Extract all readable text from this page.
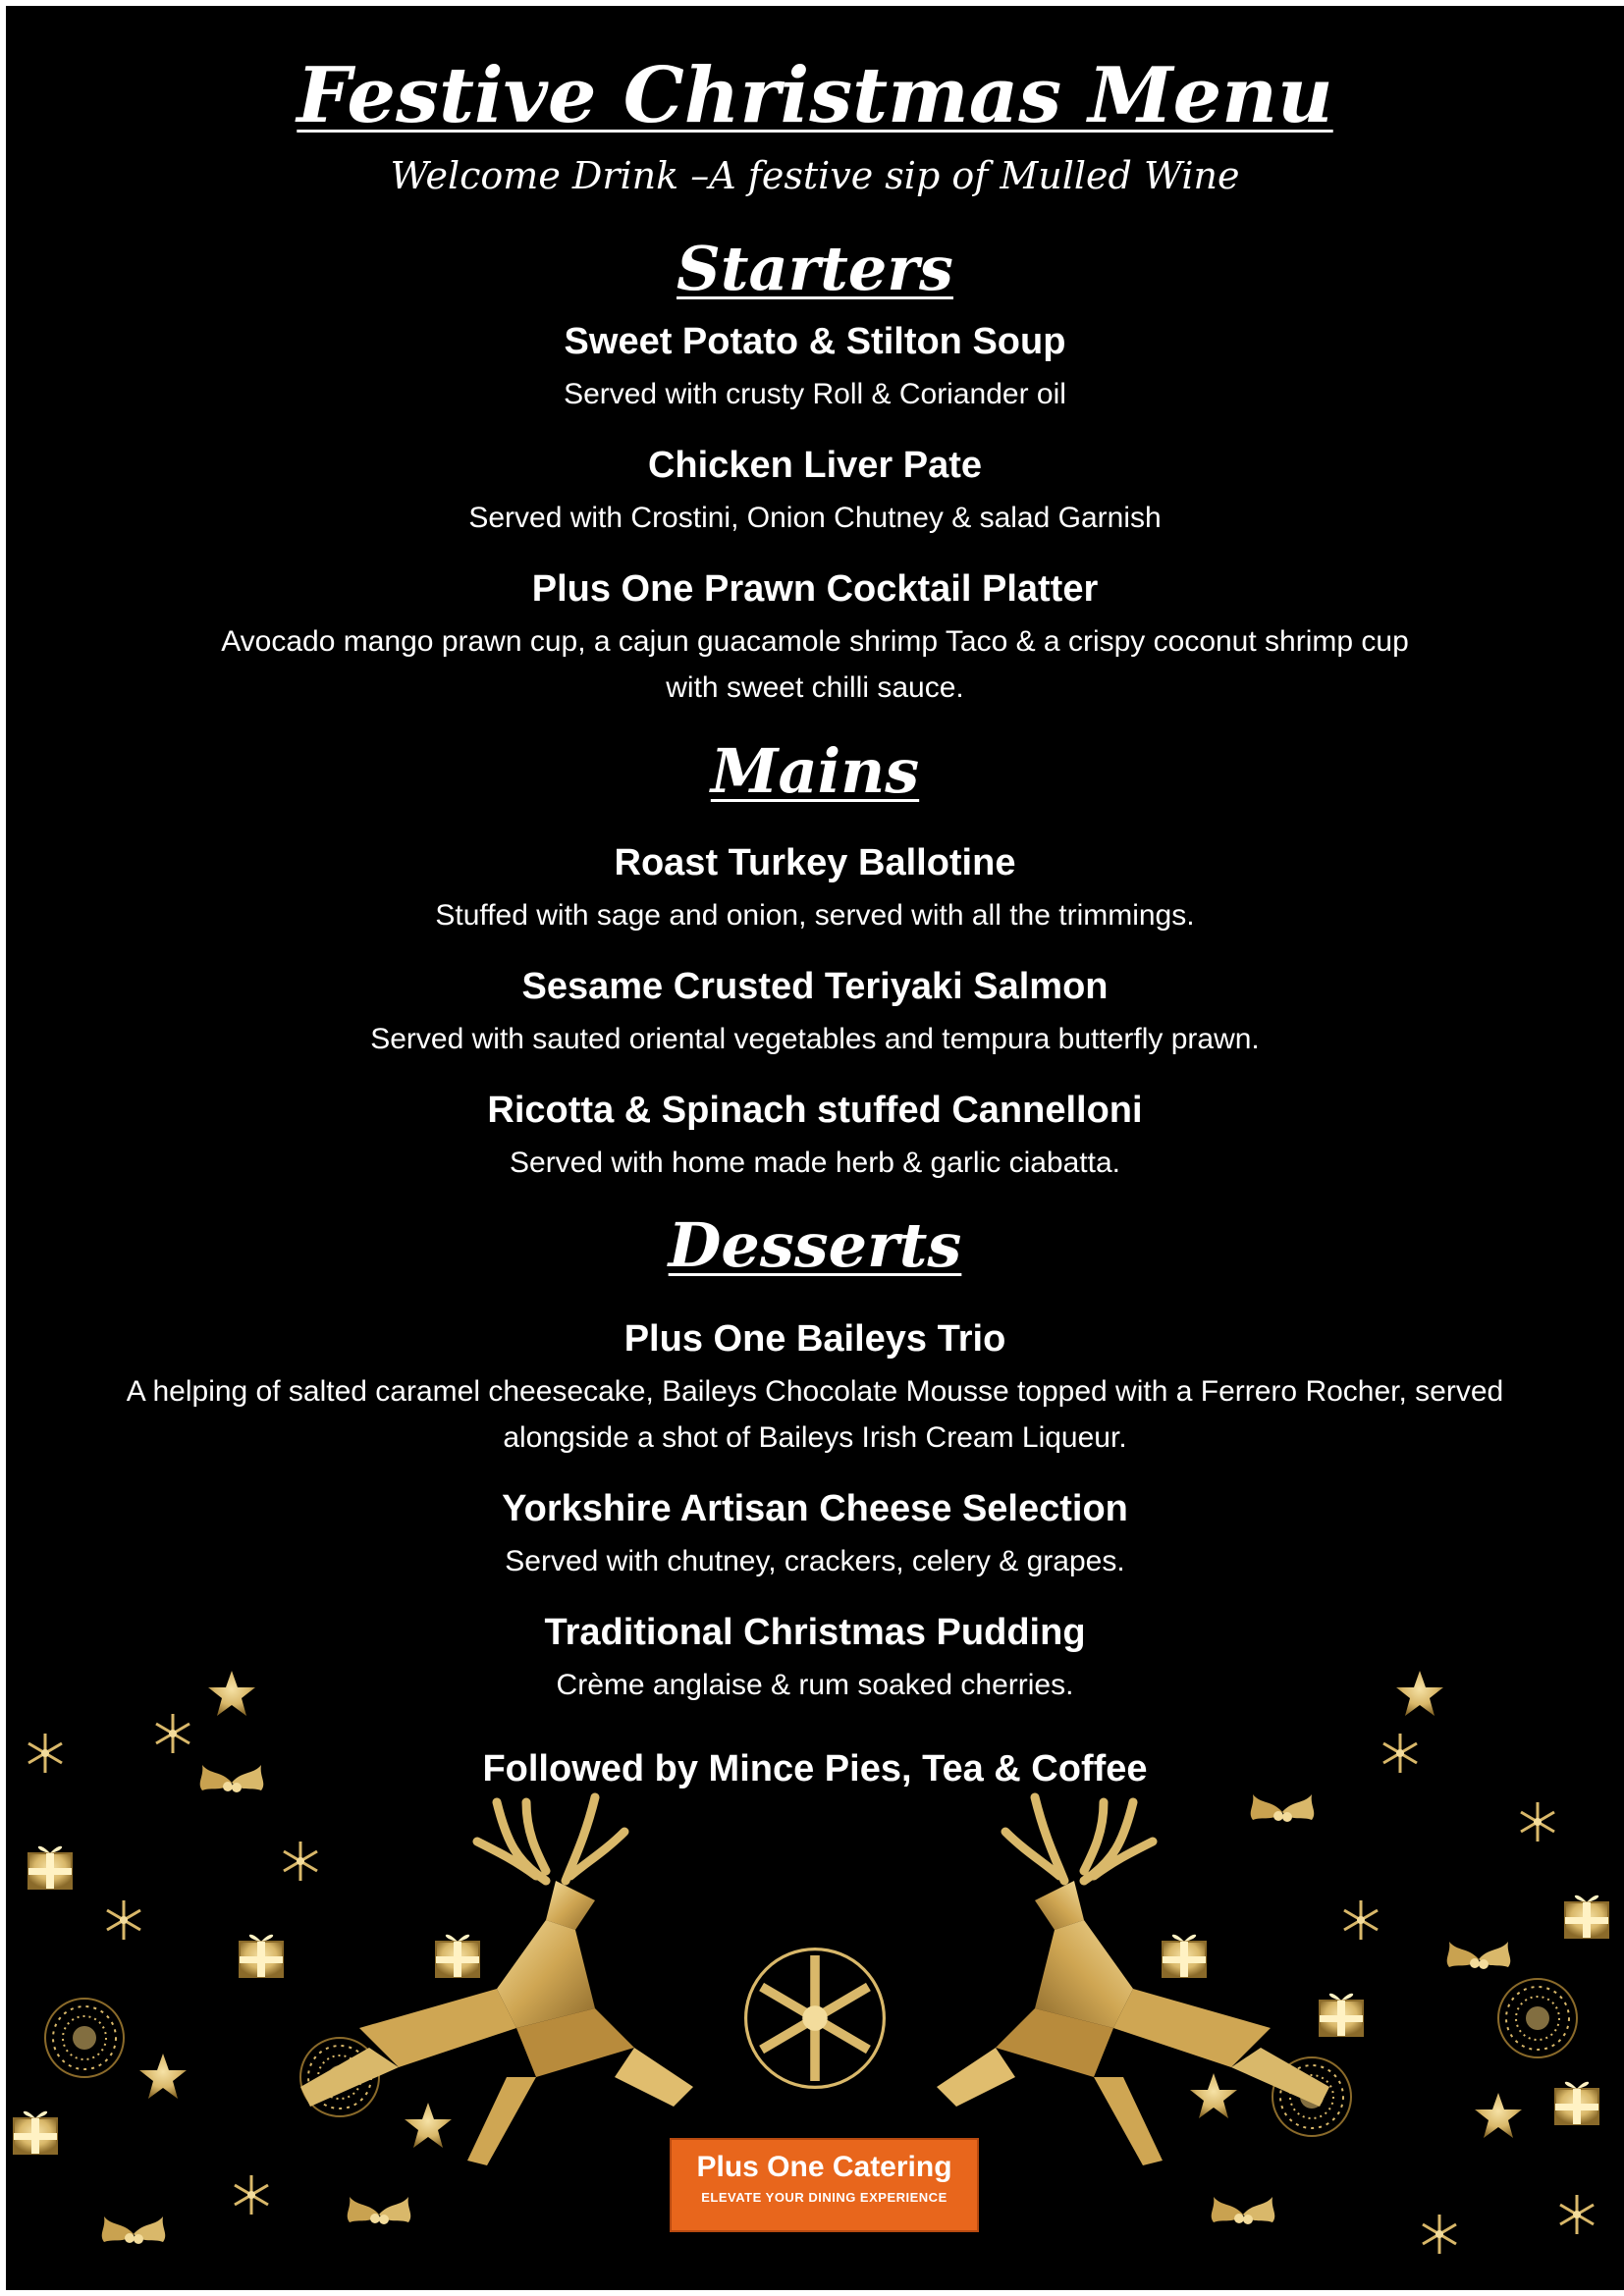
Festive Christmas Menu
Welcome Drink –A festive sip of Mulled Wine
Starters
Sweet Potato & Stilton Soup
Served with crusty Roll & Coriander oil
Chicken Liver Pate
Served with Crostini, Onion Chutney & salad Garnish
Plus One Prawn Cocktail Platter
Avocado mango prawn cup, a cajun guacamole shrimp Taco & a crispy coconut shrimp cup
with sweet chilli sauce.
Mains
Roast Turkey Ballotine
Stuffed with sage and onion, served with all the trimmings.
Sesame Crusted Teriyaki Salmon
Served with sauted oriental vegetables and tempura butterfly prawn.
Ricotta & Spinach stuffed Cannelloni
Served with home made herb & garlic ciabatta.
Desserts
Plus One Baileys Trio
A helping of salted caramel cheesecake, Baileys Chocolate Mousse topped with a Ferrero Rocher, served
alongside a shot of Baileys Irish Cream Liqueur.
Yorkshire Artisan Cheese Selection
Served with chutney, crackers, celery & grapes.
Traditional Christmas Pudding
Crème anglaise & rum soaked cherries.
Followed by Mince Pies, Tea & Coffee
Plus One Catering
ELEVATE YOUR DINING EXPERIENCE
